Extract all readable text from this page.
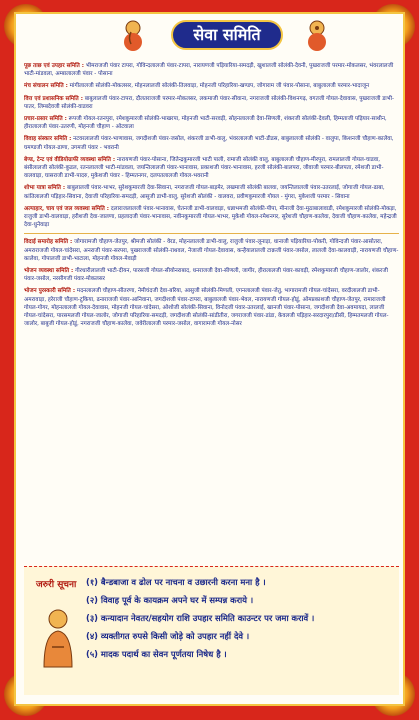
सेवा समिति
पूछ ताछ एवं उपहार समिति : भीमराजजी पंवार टापरा, गोविन्दलालजी पंवार-टापरा, नारायणजी पड़ियारिया-समदड़ी, खुशालजी सोलंकी-देवनी, पुखराजजी परमार-मोकलसर, भंवरलालजी भाटी-मांडवला, अम्बालालजी पंवार - पोसाना
मंच संचालन समिति : मांगीलालजी सोलंकी-मोकलसर, मोहनलालजी सोलंकी-तिलवाड़ा, मोहनजी परिहारिया-खण्डप, जोगाराम जी पंवार-पोसाना, बाबुलालजी परमार-भादाजून
वित्त एवं प्रशासनिक समिति : बाबुलालजी पंवार-टापरा, दौलतराजजी परमार-मोकलसर, लकमाजी पंवार-सीवाना, नगराजजी सोलंकी-विशनगढ़, वगतजी गोयल-देवावास, पुखराजजी डाभी-पातर, लिम्बदेवजी सोलंकी-वाडवरा
प्रचार-प्रसार समिति : रूपजी गोयल-रतनपुरा, रमेशकुमारजी सोलंकी-भाखरपा, मोहनजी भाटी-सरवड़ी, सोहनलालजी देवा-सिणली, शंकरजी सोलंकी-देवली, हिम्मताजी पड़ियार-साथीन, हीरालालजी पंवार-उतरणी, मोहनजी चौहाण - ओटवाला
विवाह संस्कार समिति : नटवरलालजी पंवार-भाणावास, जगदीशजी पंवार-जसोल, शंकरजी डाभी-वालु, भंवरलालजी भाटी-डीडस, बाबुलालजी सोलंकी - वालुपा, किशनजी चौहाण-कालेवा, घमण्डजी गोयल-ढाणा, उगमजी पंवार - भवरानी
बेण्ड, टेन्ट एवं वीडियोग्राफी व्यवस्था समिति : नारायणजी पंवार-पोसाना, जितेन्द्रकुमारजी भाटी पाली, रामाजी सोलंकी वालु, बाबुलालजी चौहाण-मीरपुरा, रामलालजी गोयल-चाडवा, बंसीलालजी सोलंकी-कुडल, रतनलालजी भाटी-मांडवला, जयन्तिलालजी पंवार-भानावास, प्रकाशजी पंवार-भानावास, हरजी सोलंकी-बालपरा, जीवाजी परमार-बीलपता, रमेशजी डाभी-वालवाड़ा, घासराजी डाभी-पादरु, मुकेशजी पंवार - हिम्मतनगर, दलपतलालजी गोयल-भवरानी
शोभा यात्रा समिति : बाबुलालजी पंवार-भाभर, सुरेशकुमारजी देवा-सिवाना, नगराजजी गोयल-बाड़मेर, लखमाजी सोलंकी बालवा, जयन्तिलालजी पंवार-उतरलाई, जोगाजी गोयल-ढाबा, कांतिलालजी पड़िहार-सिवाना, देवाजी परिहारिया-समदड़ी, आसूजी डाभी-वालु, सुरेशजी सोलंकी - वालवरा, प्रवीणकुमारजी गोयल - मुंगरा, मुकेशजी परमार - सिवाना
अल्पाहार, चाय एवं जल व्यवस्था समिति : दलाराजलालजी पंवार-भानावास, चेतनजी डाभी-वालवाड़ा, धन्नाभमजी सोलंकी-पीपा, मीनाजी देवा-मुठाबालावाडी, रमेशकुमारजी सोलंकी-मोकड़ा, राजुजी डाभी-वालवाड़ा, हरीशजी देवा-जालणा, प्रहलादजी पंवार-भानावास, नवीनकुमारजी गोयल-भाभर, मुकेशी गोयल-रमेशनगर, सुरेशजी चौहाण-कालेवा, देवाजी चौहाण-कालेवा, महेन्द्रजी देवा-धुनेवाड़ा
विदाई समारोह समिति : जोगारामजी चौहाण-जेतपुर, श्रीमजी सोलंकी - वेरड, मोहनलालजी डाभी-वालु, राजुजी पंवार-लूनाड़ा, धानाजी पड़ियारिया-पोकरी, गोविन्दजी पंवार-आसोतरा, अमराराजजी गोयल-चांदेसरा, अनराजी पंवार-सरपरा, पुखराजजी सोलंकी-राथवल, नेजाजी गोयल-देवावास, कन्हैयालालजी टाक़जी पंवार-जसोल, लालजी देवा-कालवाड़ी, नारायणजी चौहाण-कालेवा, गोपालजी डाभी-भाटाला, मोहनजी गोयल-मेवाड़ी
भोजन व्यवस्था समिति : गीरधारीलालजी भाटी-दीयन, पारसजी गोयल-सीयोनराबाद, धनराजजी देवा-सीणली, जागीर, हीरालालजी पंवार-कावड़ी, रमेशकुमारजी चौहाण-जालोर, शंकरजी पंवार-जसोल, नरसीगजी पंवार-मोकलसर
भोजन पुरस्कारी समिति : मदनलालजी चौहाण-सीतरणा, नेमीचंदजी देवा-बरिया, आसुजी सोलंकी-मिणली, एगनलालजी पंवार-जेतु, भागारामजी गोयल-चांदेसरा, वरदीलालजी डाभी-अमरावाड़ा, हरेराजी चौहाण-टूकिया, ढनाराजजी पंवार-आनिवाना, जगदीशजी पंवार-टापरा, बाबुलालजी पंवार-भेवल, नारायणजी गोयल-हाेडूं, ओमप्रकाशजी चौहाण-जेतपुर, रामाराजजी गोयल-गोगर, मोहनलालजी गोयल-देवावास, मोहनजी गोयल-चांदेसरा, ओशोजी सोलंकी-सिवाना, विनोदजी पंवार-उतरलाई, खानजी पंवार-पोसाना, जगदीशजी देवा-अवमायदा, लालजी गोयल-चांदेसरा, पारसमलजी गोयल-जालोर, जोगाजी परिहारिया-समदड़ी, जगदीशजी सोलंकी-सांडीतीरा, जगराजजी पंवार-डांडा, केवलजी पड़िहार-सरदारपुरा/डीसी, हिम्मतमलजी गोयल-जालोर, बाबुजी गोयल-होडूं, नगराजजी चौहाण-कालेवा, जवेरीलालजी परमार-जसोल, वागारामजी गोयल-नोसर
जरुरी सूचना (१) बैन्डबाजा व ढोल पर नाचना व उछारनी करना मना है ।
(२) विवाह पूर्व के कायक्रम अपने घर में सम्पन्न कराये ।
(३) कन्यादान नेवतर/सहयोग राशि उपहार समिति काउन्टर पर जमा करावें ।
(४) व्यक्तीगत रुपसे किसी जोड़े को उपहार नहीं देवे ।
(५) मादक पदार्थ का सेवन पूर्णतया निषेध है ।
